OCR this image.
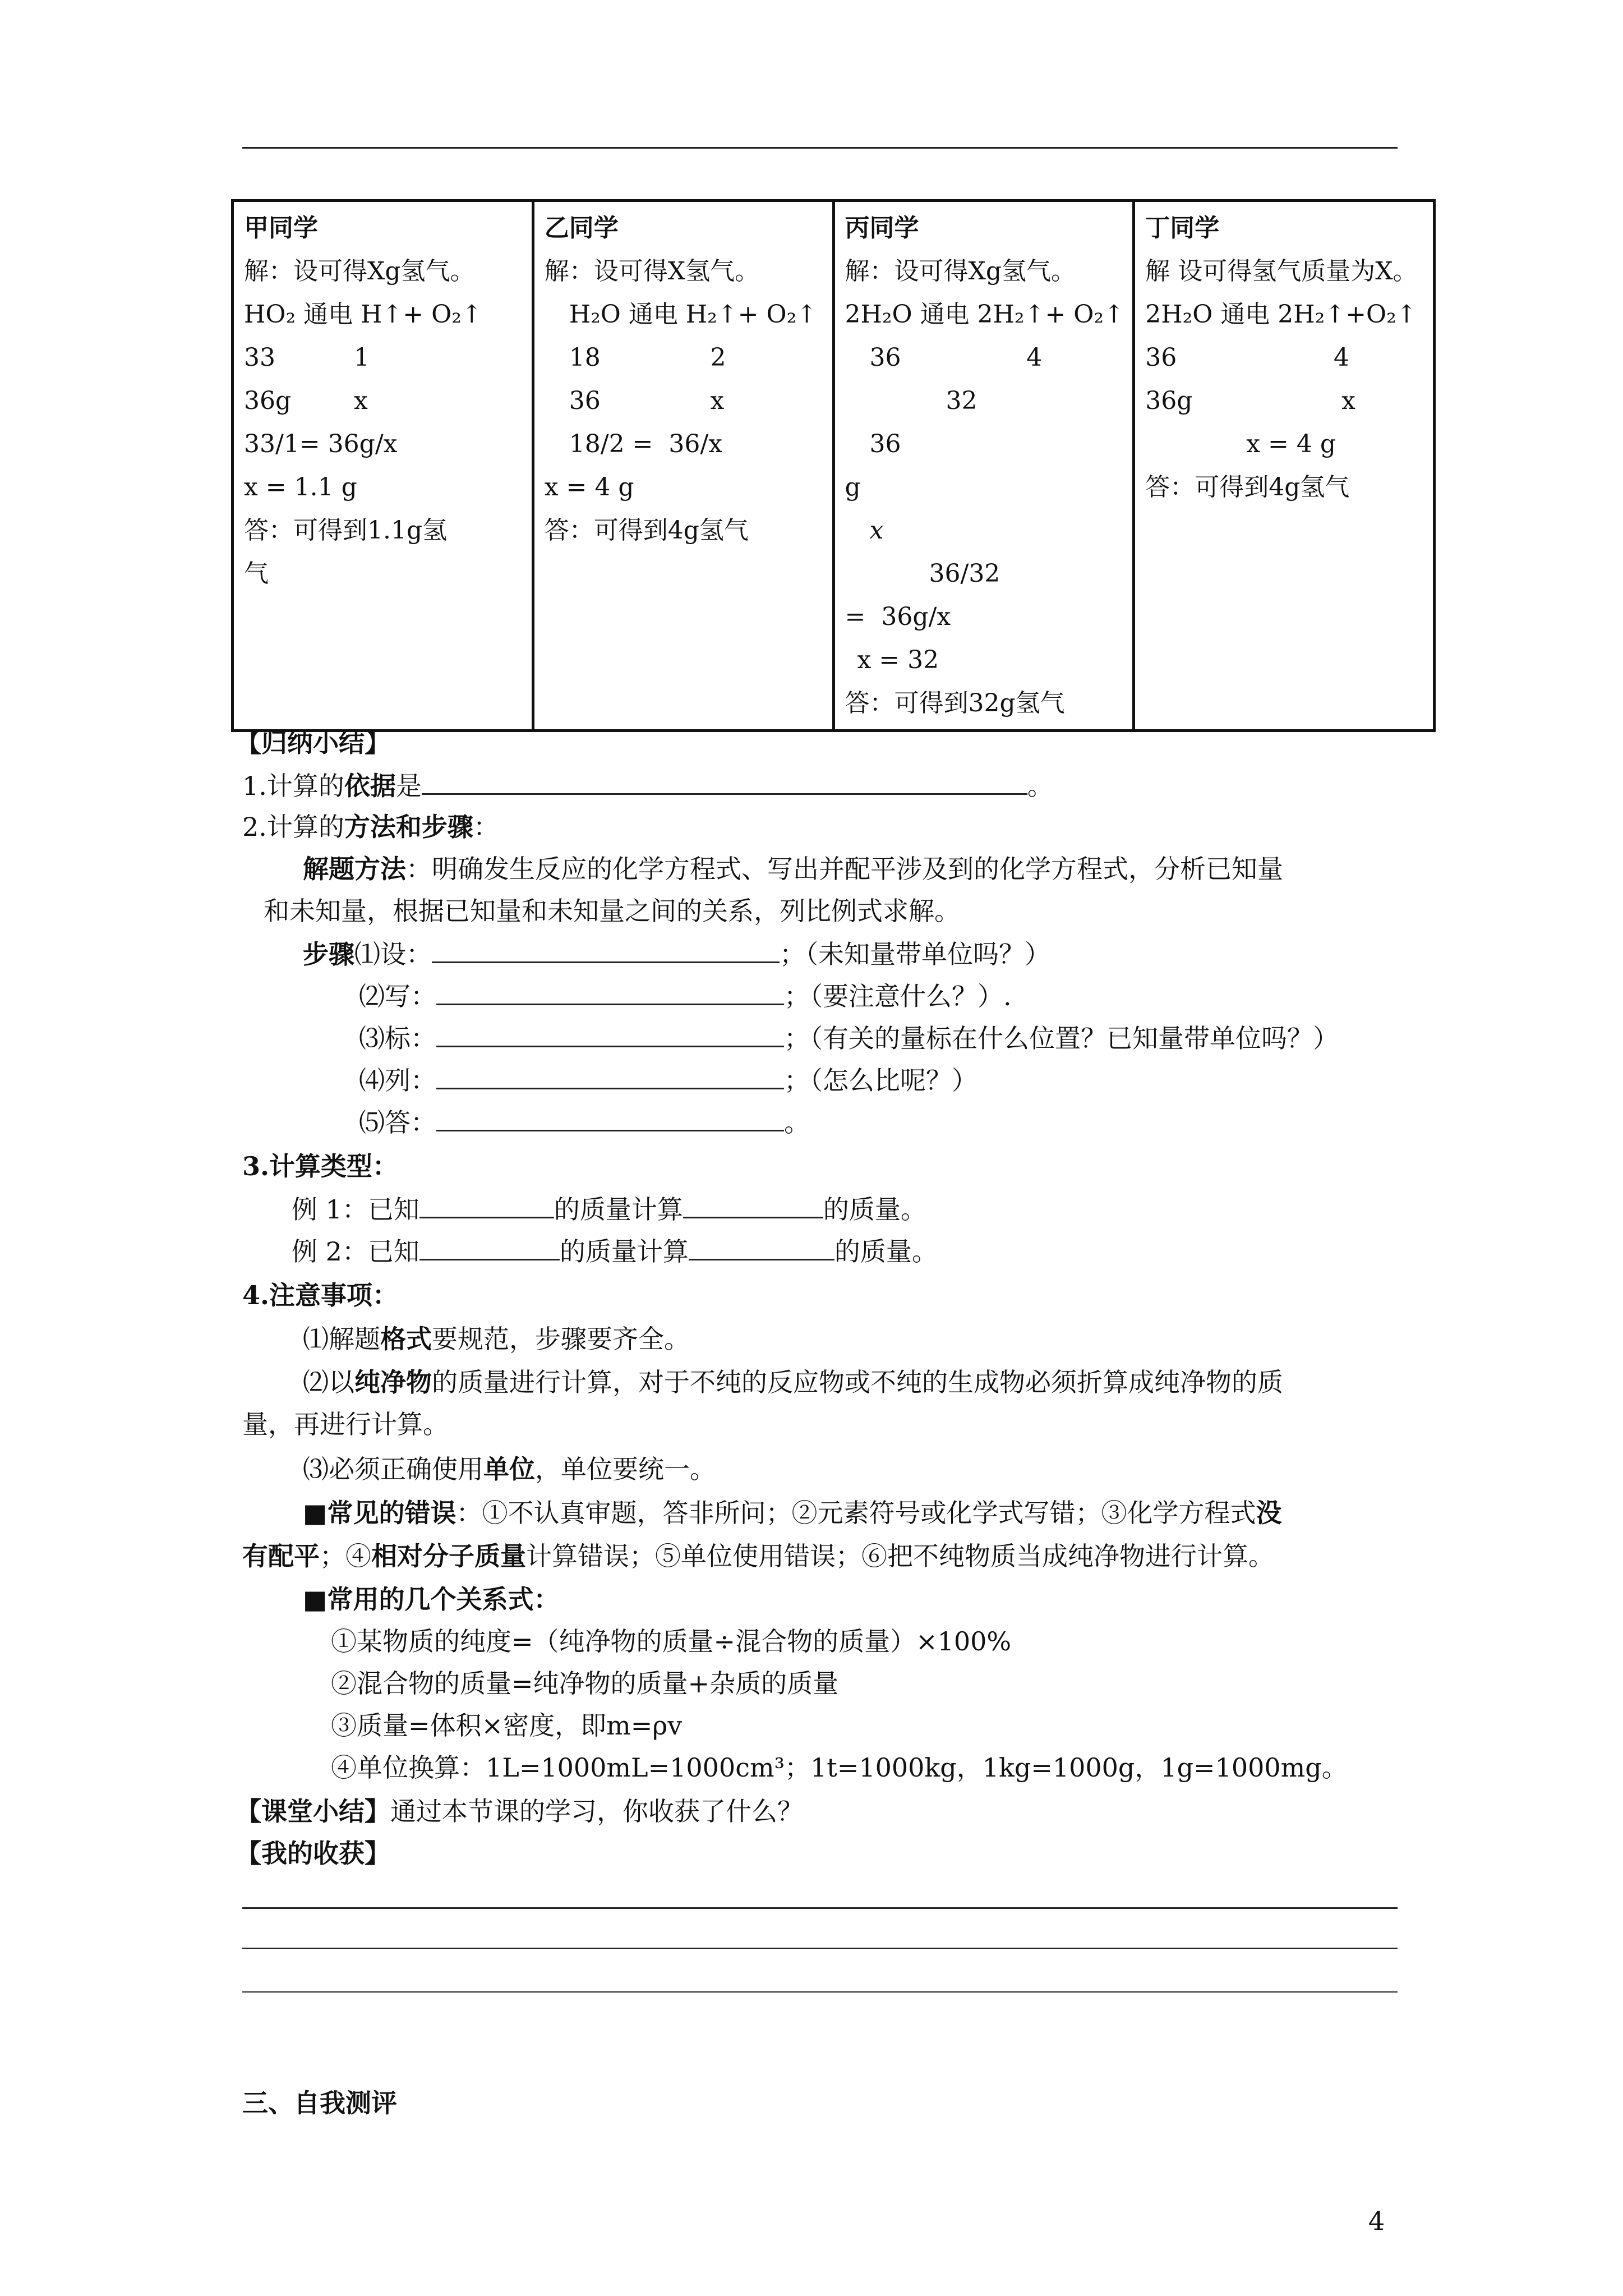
甲同学
解：设可得Xg氢气。
HO₂ 通电 H↑+ O₂↑
33          1
36g        x
33/1= 36g/x
x = 1.1 g
答：可得到1.1g氢
气

乙同学
解：设可得X氢气。
H₂O 通电 H₂↑+ O₂↑
18              2
36              x
18/2 =  36/x
x = 4 g
答：可得到4g氢气

丙同学
解：设可得Xg氢气。
2H₂O 通电 2H₂↑+ O₂↑
36                4
32
36
g
x
36/32
=  36g/x
x = 32
答：可得到32g氢气

丁同学
解 设可得氢气质量为X。
2H₂O 通电 2H₂↑+O₂↑
36                    4
36g                   x
x = 4 g
答：可得到4g氢气
【归纳小结】
1.计算的依据是	。
2.计算的方法和步骤：
解题方法：明确发生反应的化学方程式、写出并配平涉及到的化学方程式，分析已知量
和未知量，根据已知量和未知量之间的关系，列比例式求解。
步骤⑴设：	；（未知量带单位吗？）
⑵写：	；（要注意什么？）.
⑶标：	；（有关的量标在什么位置？已知量带单位吗？）
⑷列：	；（怎么比呢？）
⑸答：	。
3.计算类型：
例 1：已知	的质量计算	的质量。
例 2：已知	的质量计算	的质量。
4.注意事项：
⑴解题格式要规范，步骤要齐全。
⑵以纯净物的质量进行计算，对于不纯的反应物或不纯的生成物必须折算成纯净物的质
量，再进行计算。
⑶必须正确使用单位，单位要统一。
■常见的错误：①不认真审题，答非所问；②元素符号或化学式写错；③化学方程式没
有配平；④相对分子质量计算错误；⑤单位使用错误；⑥把不纯物质当成纯净物进行计算。
■常用的几个关系式：
①某物质的纯度=（纯净物的质量÷混合物的质量）×100%
②混合物的质量=纯净物的质量+杂质的质量
③质量=体积×密度，即m=ρv
④单位换算：1L=1000mL=1000cm³；1t=1000kg，1kg=1000g，1g=1000mg。
【课堂小结】通过本节课的学习，你收获了什么？
【我的收获】
三、自我测评
4
